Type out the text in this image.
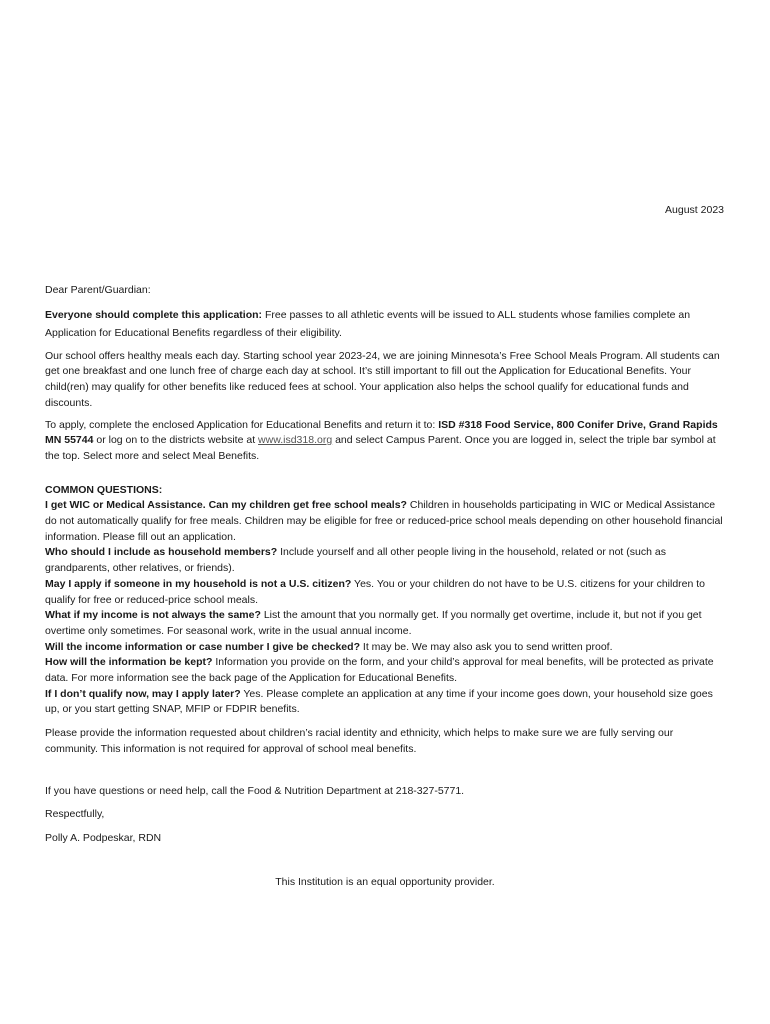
August 2023

Dear Parent/Guardian:

Everyone should complete this application: Free passes to all athletic events will be issued to ALL students whose families complete an Application for Educational Benefits regardless of their eligibility.

Our school offers healthy meals each day. Starting school year 2023-24, we are joining Minnesota’s Free School Meals Program. All students can get one breakfast and one lunch free of charge each day at school. It’s still important to fill out the Application for Educational Benefits. Your child(ren) may qualify for other benefits like reduced fees at school. Your application also helps the school qualify for educational funds and discounts.

To apply, complete the enclosed Application for Educational Benefits and return it to: ISD #318 Food Service, 800 Conifer Drive, Grand Rapids MN 55744 or log on to the districts website at www.isd318.org and select Campus Parent. Once you are logged in, select the triple bar symbol at the top. Select more and select Meal Benefits.

COMMON QUESTIONS:

I get WIC or Medical Assistance. Can my children get free school meals? Children in households participating in WIC or Medical Assistance do not automatically qualify for free meals. Children may be eligible for free or reduced-price school meals depending on other household financial information. Please fill out an application.

Who should I include as household members? Include yourself and all other people living in the household, related or not (such as grandparents, other relatives, or friends).

May I apply if someone in my household is not a U.S. citizen? Yes. You or your children do not have to be U.S. citizens for your children to qualify for free or reduced-price school meals.

What if my income is not always the same? List the amount that you normally get. If you normally get overtime, include it, but not if you get overtime only sometimes. For seasonal work, write in the usual annual income.

Will the income information or case number I give be checked? It may be. We may also ask you to send written proof.

How will the information be kept? Information you provide on the form, and your child’s approval for meal benefits, will be protected as private data. For more information see the back page of the Application for Educational Benefits.

If I don’t qualify now, may I apply later? Yes. Please complete an application at any time if your income goes down, your household size goes up, or you start getting SNAP, MFIP or FDPIR benefits.

Please provide the information requested about children’s racial identity and ethnicity, which helps to make sure we are fully serving our community. This information is not required for approval of school meal benefits.

If you have questions or need help, call the Food & Nutrition Department at 218-327-5771.

Respectfully,

Polly A. Podpeskar, RDN

This Institution is an equal opportunity provider.
